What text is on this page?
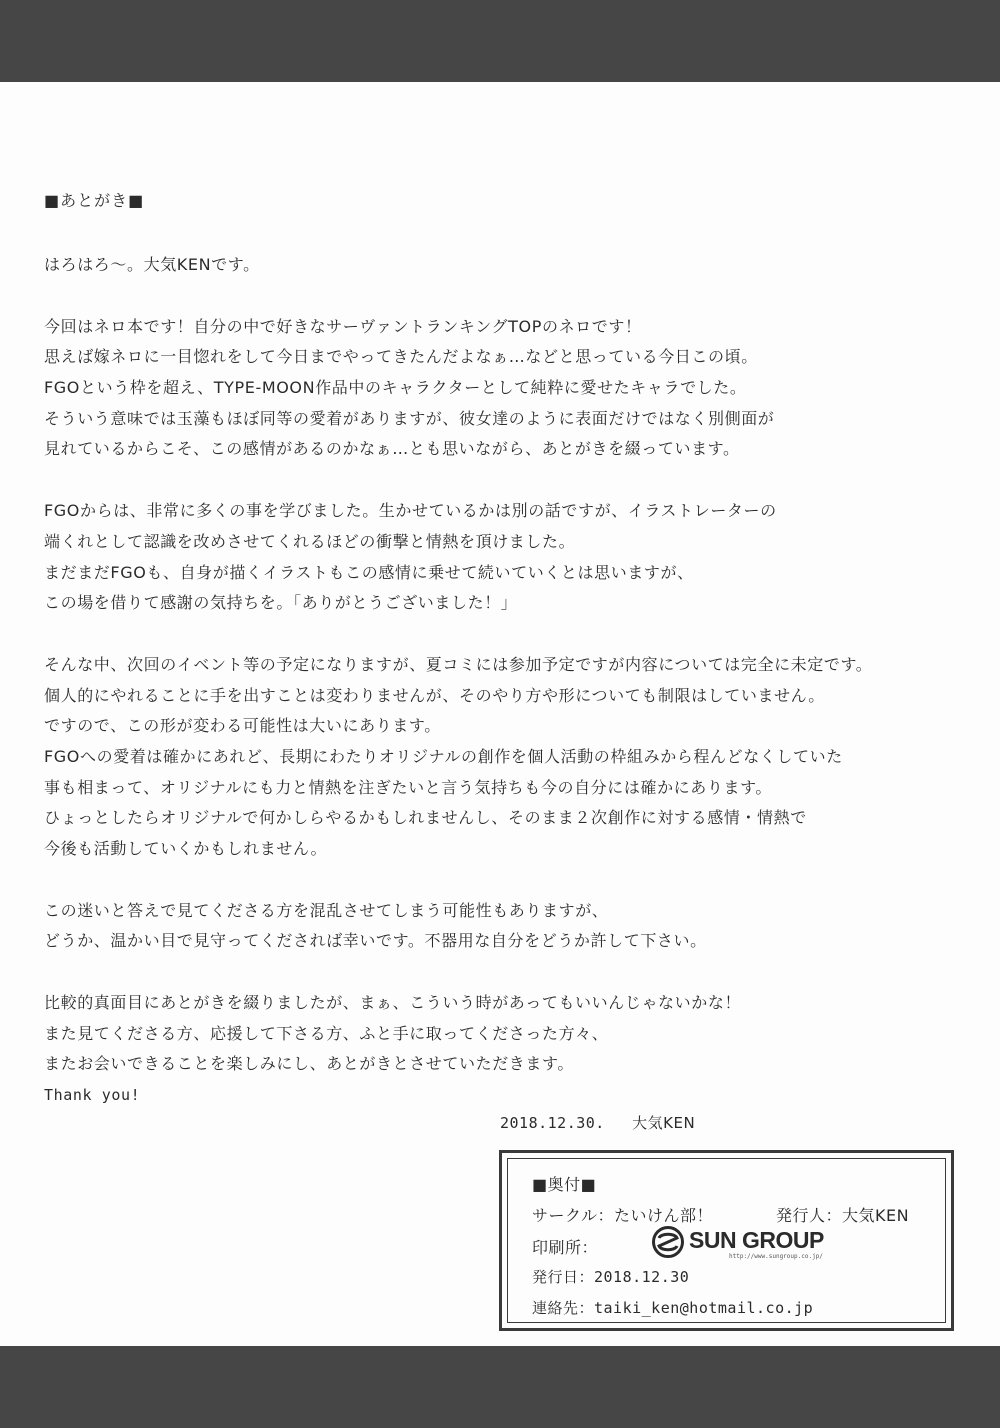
■あとがき■
はろはろ～。大気KENです。
今回はネロ本です！自分の中で好きなサーヴァントランキングTOPのネロです！
思えば嫁ネロに一目惚れをして今日までやってきたんだよなぁ…などと思っている今日この頃。
FGOという枠を超え、TYPE-MOON作品中のキャラクターとして純粋に愛せたキャラでした。
そういう意味では玉藻もほぼ同等の愛着がありますが、彼女達のように表面だけではなく別側面が
見れているからこそ、この感情があるのかなぁ…とも思いながら、あとがきを綴っています。
FGOからは、非常に多くの事を学びました。生かせているかは別の話ですが、イラストレーターの
端くれとして認識を改めさせてくれるほどの衝撃と情熱を頂けました。
まだまだFGOも、自身が描くイラストもこの感情に乗せて続いていくとは思いますが、
この場を借りて感謝の気持ちを。「ありがとうございました！」
そんな中、次回のイベント等の予定になりますが、夏コミには参加予定ですが内容については完全に未定です。
個人的にやれることに手を出すことは変わりませんが、そのやり方や形についても制限はしていません。
ですので、この形が変わる可能性は大いにあります。
FGOへの愛着は確かにあれど、長期にわたりオリジナルの創作を個人活動の枠組みから程んどなくしていた
事も相まって、オリジナルにも力と情熱を注ぎたいと言う気持ちも今の自分には確かにあります。
ひょっとしたらオリジナルで何かしらやるかもしれませんし、そのまま２次創作に対する感情・情熱で
今後も活動していくかもしれません。
この迷いと答えで見てくださる方を混乱させてしまう可能性もありますが、
どうか、温かい目で見守ってくだされば幸いです。不器用な自分をどうか許して下さい。
比較的真面目にあとがきを綴りましたが、まぁ、こういう時があってもいいんじゃないかな！
また見てくださる方、応援して下さる方、ふと手に取ってくださった方々、
またお会いできることを楽しみにし、あとがきとさせていただきます。
Thank you!
2018.12.30. 大気KEN
■奥付■
サークル：たいけん部！	発行人：大気KEN
印刷所：	SUN GROUP
http://www.sungroup.co.jp/
発行日：2018.12.30
連絡先：taiki_ken@hotmail.co.jp
